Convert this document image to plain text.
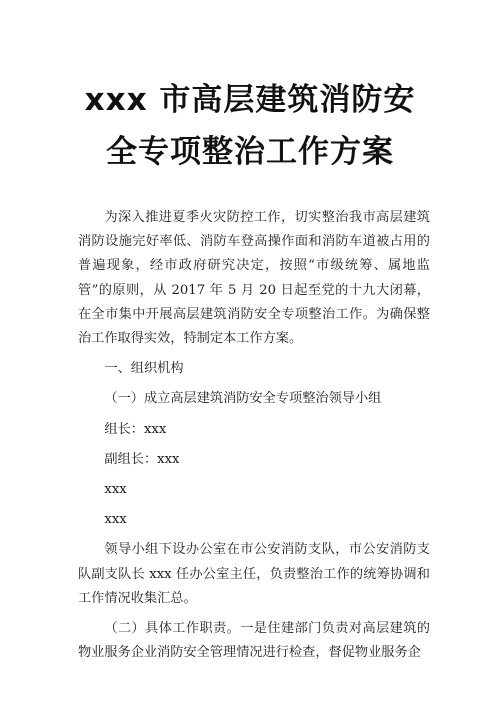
xxx 市高层建筑消防安
全专项整治工作方案

为深入推进夏季火灾防控工作，切实整治我市高层建筑消防设施完好率低、消防车登高操作面和消防车道被占用的普遍现象，经市政府研究决定，按照“市级统筹、属地监管”的原则，从 2017 年 5 月 20 日起至党的十九大闭幕，在全市集中开展高层建筑消防安全专项整治工作。为确保整治工作取得实效，特制定本工作方案。

一、组织机构

（一）成立高层建筑消防安全专项整治领导小组

组长：xxx

副组长：xxx

xxx

xxx

领导小组下设办公室在市公安消防支队，市公安消防支队副支队长 xxx 任办公室主任，负责整治工作的统筹协调和工作情况收集汇总。

（二）具体工作职责。一是住建部门负责对高层建筑的物业服务企业消防安全管理情况进行检查，督促物业服务企
